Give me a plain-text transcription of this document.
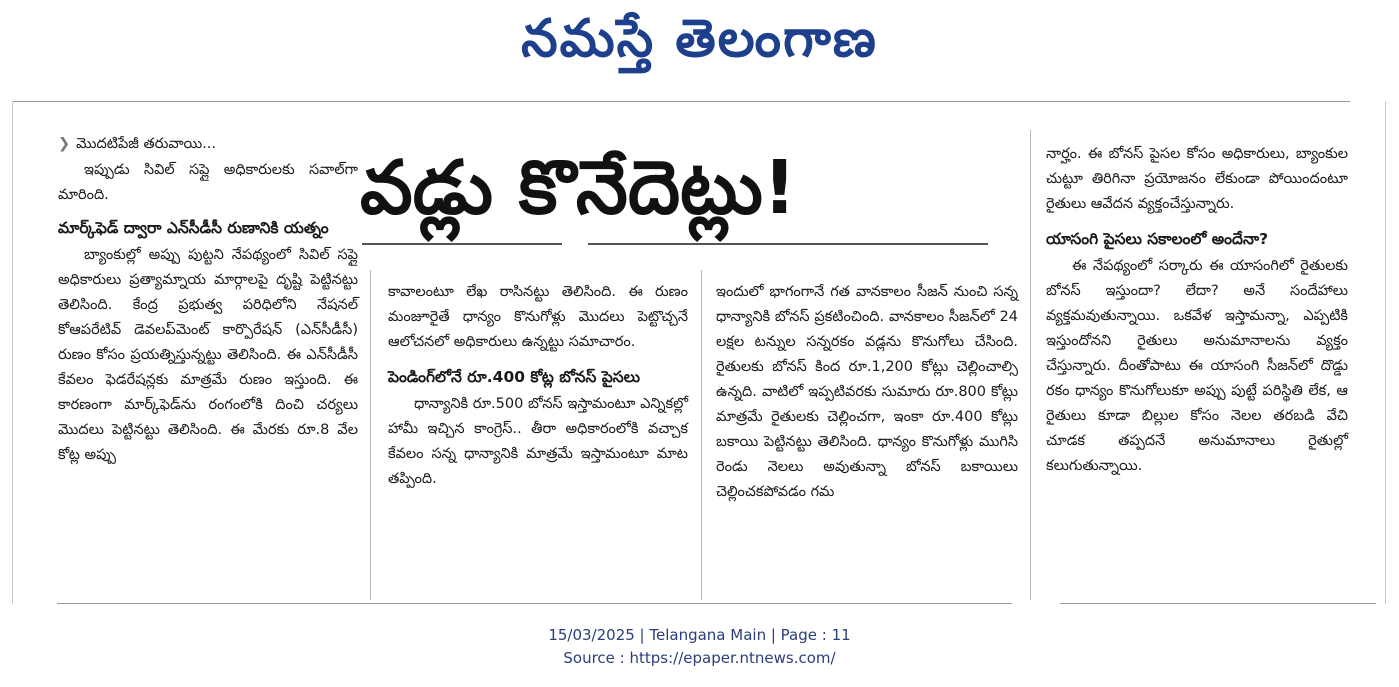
నమస్తే తెలంగాణ

❯ మొదటిపేజీ తరువాయి...

ఇప్పుడు సివిల్ సప్లై అధికారులకు సవాల్‌గా మారింది.

మార్క్‌ఫెడ్ ద్వారా ఎన్‌సీడీసీ రుణానికి యత్నం

బ్యాంకుల్లో అప్పు పుట్టని నేపథ్యంలో సివిల్ సప్లై అధికారులు ప్రత్యామ్నాయ మార్గాలపై దృష్టి పెట్టినట్టు తెలిసింది. కేంద్ర ప్రభుత్వ పరిధిలోని నేషనల్ కో‌ఆపరేటివ్ డెవలప్‌మెంట్ కార్పొరేషన్ (ఎన్‌సీడీసీ) రుణం కోసం ప్రయత్నిస్తున్నట్టు తెలిసింది. ఈ ఎన్‌సీడీసీ కేవలం ఫెడరేషన్లకు మాత్రమే రుణం ఇస్తుంది. ఈ కారణంగా మార్క్‌ఫెడ్‌ను రంగంలోకి దించి చర్యలు మొదలు పెట్టినట్టు తెలిసింది. ఈ మేరకు రూ.8 వేల కోట్ల అప్పు

వడ్లు కొనేదెట్లు!

కావాలంటూ లేఖ రాసినట్టు తెలిసింది. ఈ రుణం మంజూరైతే ధాన్యం కొనుగోళ్లు మొదలు పెట్టొచ్చనే ఆలోచనలో అధికారులు ఉన్నట్టు సమాచారం.

పెండింగ్‌లోనే రూ.400 కోట్ల బోనస్ పైసలు

ధాన్యానికి రూ.500 బోనస్ ఇస్తామంటూ ఎన్నికల్లో హామీ ఇచ్చిన కాంగ్రెస్.. తీరా అధికారంలోకి వచ్చాక కేవలం సన్న ధాన్యానికి మాత్రమే ఇస్తామంటూ మాట తప్పింది.

ఇందులో భాగంగానే గత వానకాలం సీజన్ నుంచి సన్న ధాన్యానికి బోనస్ ప్రకటించింది. వానకాలం సీజన్‌లో 24 లక్షల టన్నుల సన్నరకం వడ్లను కొనుగోలు చేసింది. రైతులకు బోనస్ కింద రూ.1,200 కోట్లు చెల్లించాల్సి ఉన్నది. వాటిలో ఇప్పటివరకు సుమారు రూ.800 కోట్లు మాత్రమే రైతులకు చెల్లించగా, ఇంకా రూ.400 కోట్లు బకాయి పెట్టినట్టు తెలిసింది. ధాన్యం కొనుగోళ్లు ముగిసి రెండు నెలలు అవుతున్నా బోనస్ బకాయిలు చెల్లించకపోవడం గమ

నార్హం. ఈ బోనస్ పైసల కోసం అధికారులు, బ్యాంకుల చుట్టూ తిరిగినా ప్రయోజనం లేకుండా పోయిందంటూ రైతులు ఆవేదన వ్యక్తంచేస్తున్నారు.

యాసంగి పైసలు సకాలంలో అందేనా?

ఈ నేపథ్యంలో సర్కారు ఈ యాసంగిలో రైతులకు బోనస్ ఇస్తుందా? లేదా? అనే సందేహాలు వ్యక్తమవుతున్నాయి. ఒకవేళ ఇస్తామన్నా, ఎప్పటికి ఇస్తుందోనని రైతులు అనుమానాలను వ్యక్తం చేస్తున్నారు. దీంతోపాటు ఈ యాసంగి సీజన్‌లో దొడ్డు రకం ధాన్యం కొనుగోలుకూ అప్పు పుట్టే పరిస్థితి లేక, ఆ రైతులు కూడా బిల్లుల కోసం నెలల తరబడి వేచి చూడక తప్పదనే అనుమానాలు రైతుల్లో కలుగుతున్నాయి.

15/03/2025 | Telangana Main | Page : 11
Source : https://epaper.ntnews.com/
